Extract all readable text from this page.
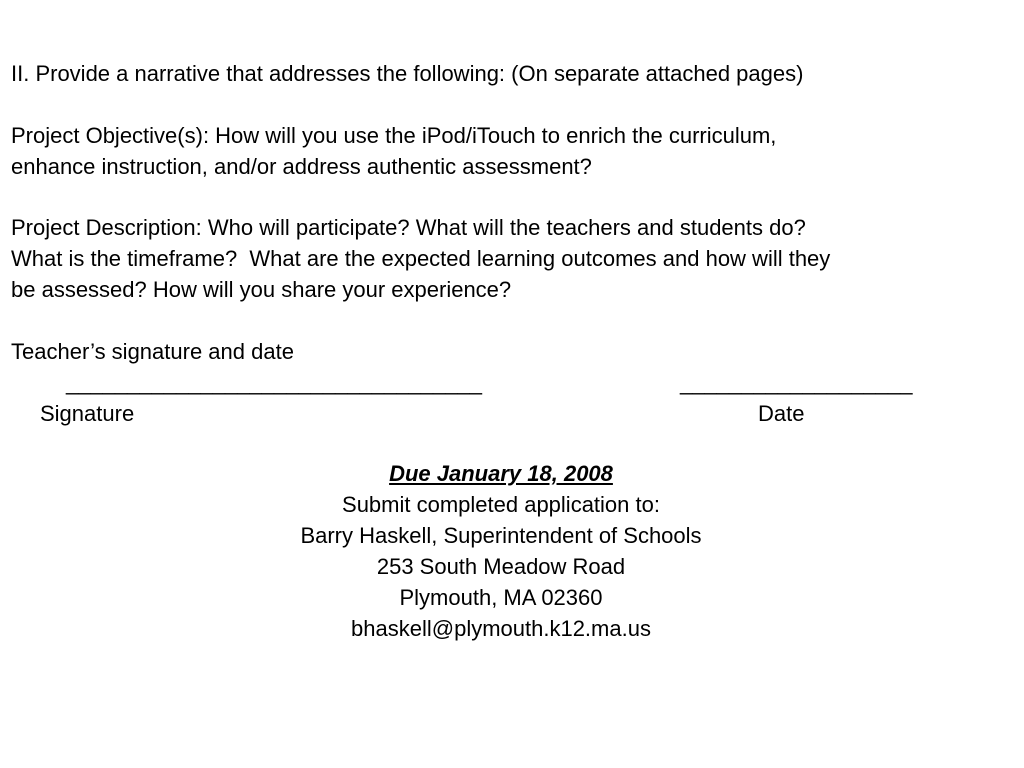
II. Provide a narrative that addresses the following: (On separate attached pages)
Project Objective(s): How will you use the iPod/iTouch to enrich the curriculum,
enhance instruction, and/or address authentic assessment?
Project Description: Who will participate? What will the teachers and students do?
What is the timeframe?  What are the expected learning outcomes and how will they
be assessed? How will you share your experience?
Teacher’s signature and date
__________________________________	___________________
Signature	Date
Due January 18, 2008
Submit completed application to:
Barry Haskell, Superintendent of Schools
253 South Meadow Road
Plymouth, MA 02360
bhaskell@plymouth.k12.ma.us
